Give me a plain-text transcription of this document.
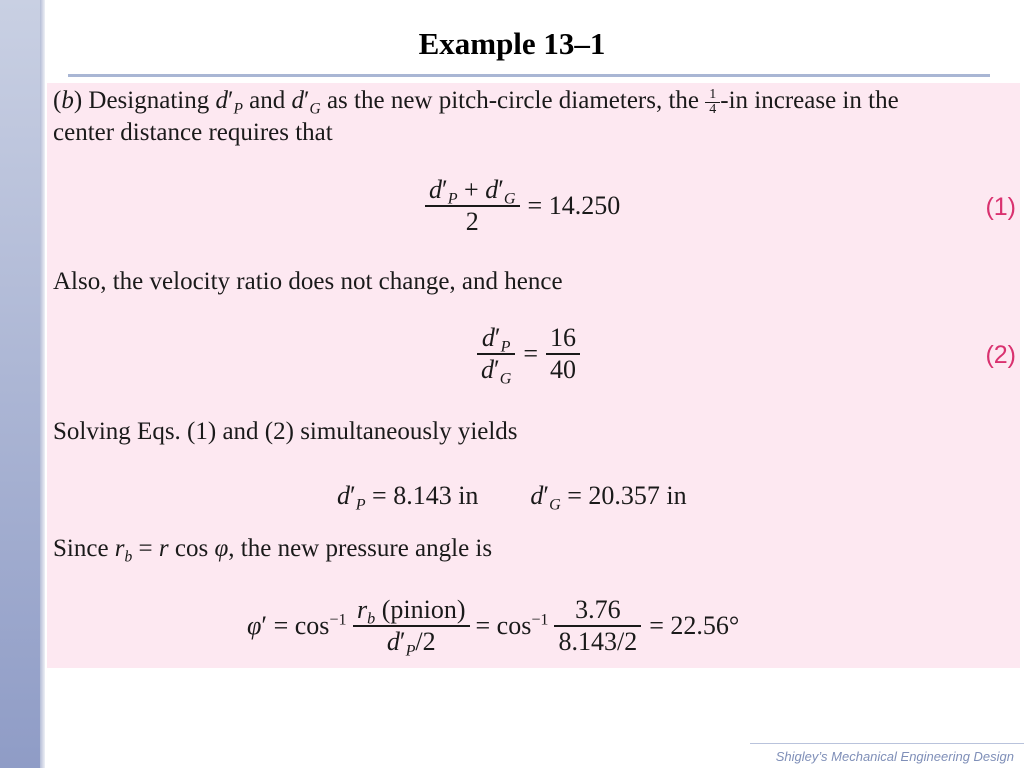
Example 13–1
(b) Designating $d'_P$ and $d'_G$ as the new pitch-circle diameters, the $\frac{1}{4} -in$ increase in the
center distance requires that
$\frac{d'_P + d'_G}{2} = 14.250$	(1)
Also, the velocity ratio does not change, and hence
$\frac{d'_P}{d'_G} = \frac{16}{40}$	(2)
Solving Eqs. (1) and (2) simultaneously yields
$d'_P = 8.143$ in $d'_G = 20.357$ in
Since $r_b = r$ cos φ, the new pressure angle is
$\varphi' = \cos^{-1} \frac{r_b (pinion)}{d'_P/2} = \cos^{-1} \frac{3.76}{8.143/2} = 22.56^\circ$
Shigley’s Mechanical Engineering Design
